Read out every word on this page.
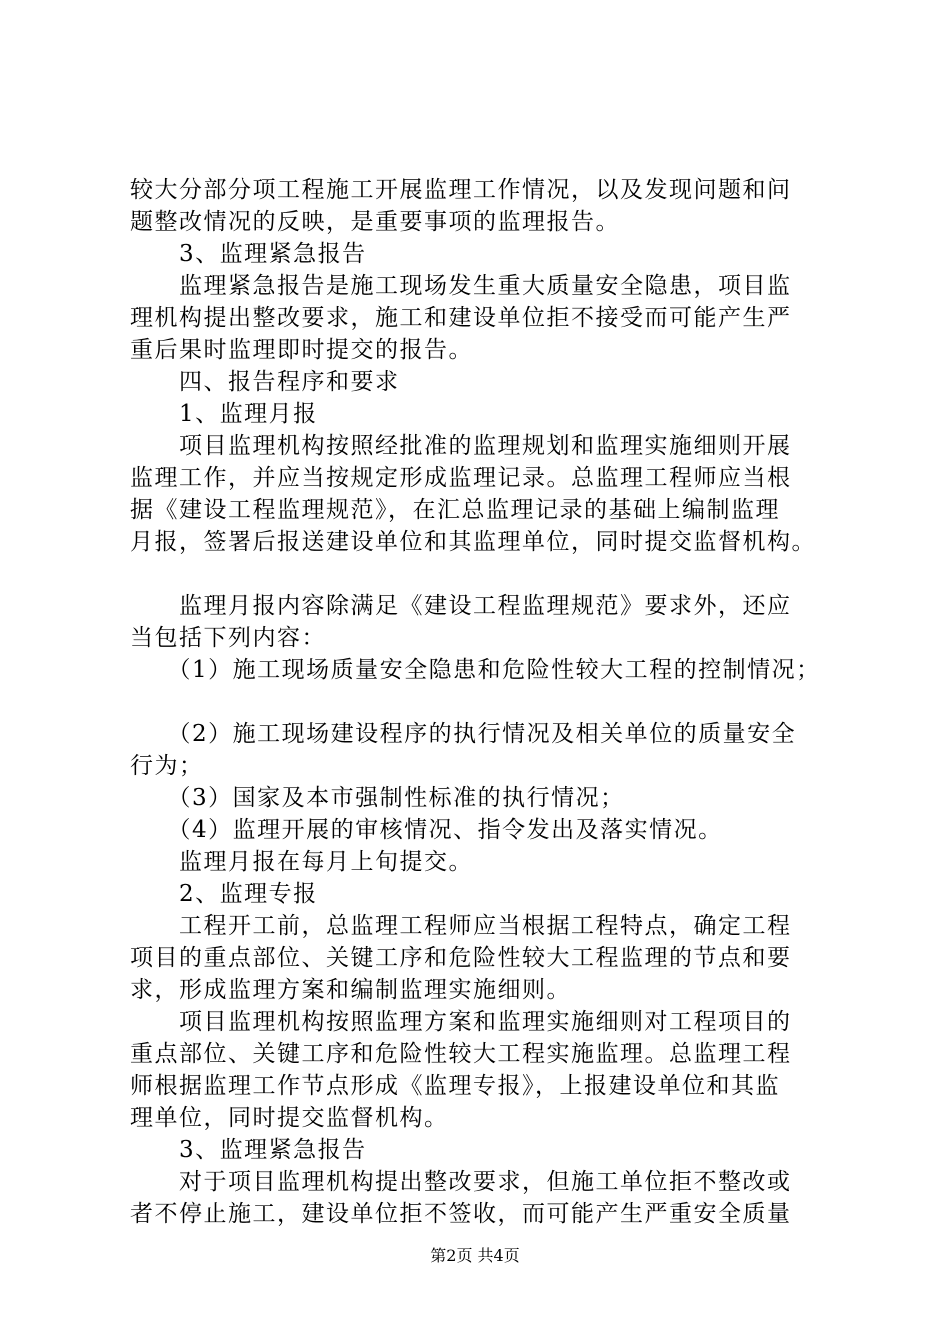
较大分部分项工程施工开展监理工作情况，以及发现问题和问
题整改情况的反映，是重要事项的监理报告。
　　3、监理紧急报告
　　监理紧急报告是施工现场发生重大质量安全隐患，项目监
理机构提出整改要求，施工和建设单位拒不接受而可能产生严
重后果时监理即时提交的报告。
　　四、报告程序和要求
　　1、监理月报
　　项目监理机构按照经批准的监理规划和监理实施细则开展
监理工作，并应当按规定形成监理记录。总监理工程师应当根
据《建设工程监理规范》，在汇总监理记录的基础上编制监理
月报，签署后报送建设单位和其监理单位，同时提交监督机构。
　　监理月报内容除满足《建设工程监理规范》要求外，还应
当包括下列内容：
　　（1）施工现场质量安全隐患和危险性较大工程的控制情况；
　　（2）施工现场建设程序的执行情况及相关单位的质量安全
行为；
　　（3）国家及本市强制性标准的执行情况；
　　（4）监理开展的审核情况、指令发出及落实情况。
　　监理月报在每月上旬提交。
　　2、监理专报
　　工程开工前，总监理工程师应当根据工程特点，确定工程
项目的重点部位、关键工序和危险性较大工程监理的节点和要
求，形成监理方案和编制监理实施细则。
　　项目监理机构按照监理方案和监理实施细则对工程项目的
重点部位、关键工序和危险性较大工程实施监理。总监理工程
师根据监理工作节点形成《监理专报》，上报建设单位和其监
理单位，同时提交监督机构。
　　3、监理紧急报告
　　对于项目监理机构提出整改要求，但施工单位拒不整改或
者不停止施工，建设单位拒不签收，而可能产生严重安全质量
第2页 共4页
